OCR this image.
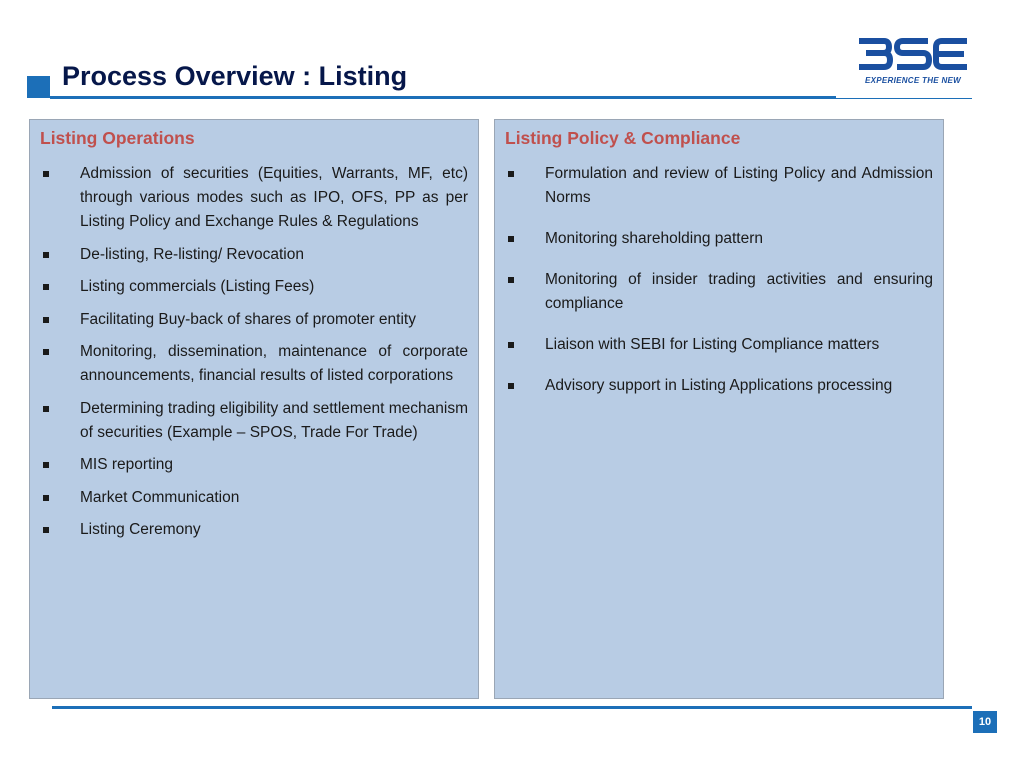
Process Overview : Listing	EXPERIENCE THE NEW
Listing Operations
Admission of securities (Equities, Warrants, MF, etc) through various modes such as IPO, OFS, PP as per Listing Policy and Exchange Rules & Regulations
De-listing, Re-listing/ Revocation
Listing commercials (Listing Fees)
Facilitating Buy-back of shares of promoter entity
Monitoring, dissemination, maintenance of corporate announcements, financial results of listed corporations
Determining trading eligibility and settlement mechanism of securities (Example – SPOS, Trade For Trade)
MIS reporting
Market Communication
Listing Ceremony
Listing Policy & Compliance
Formulation and review of Listing Policy and Admission Norms
Monitoring shareholding pattern
Monitoring of insider trading activities and ensuring compliance
Liaison with SEBI for Listing Compliance matters
Advisory support in Listing Applications processing
10
